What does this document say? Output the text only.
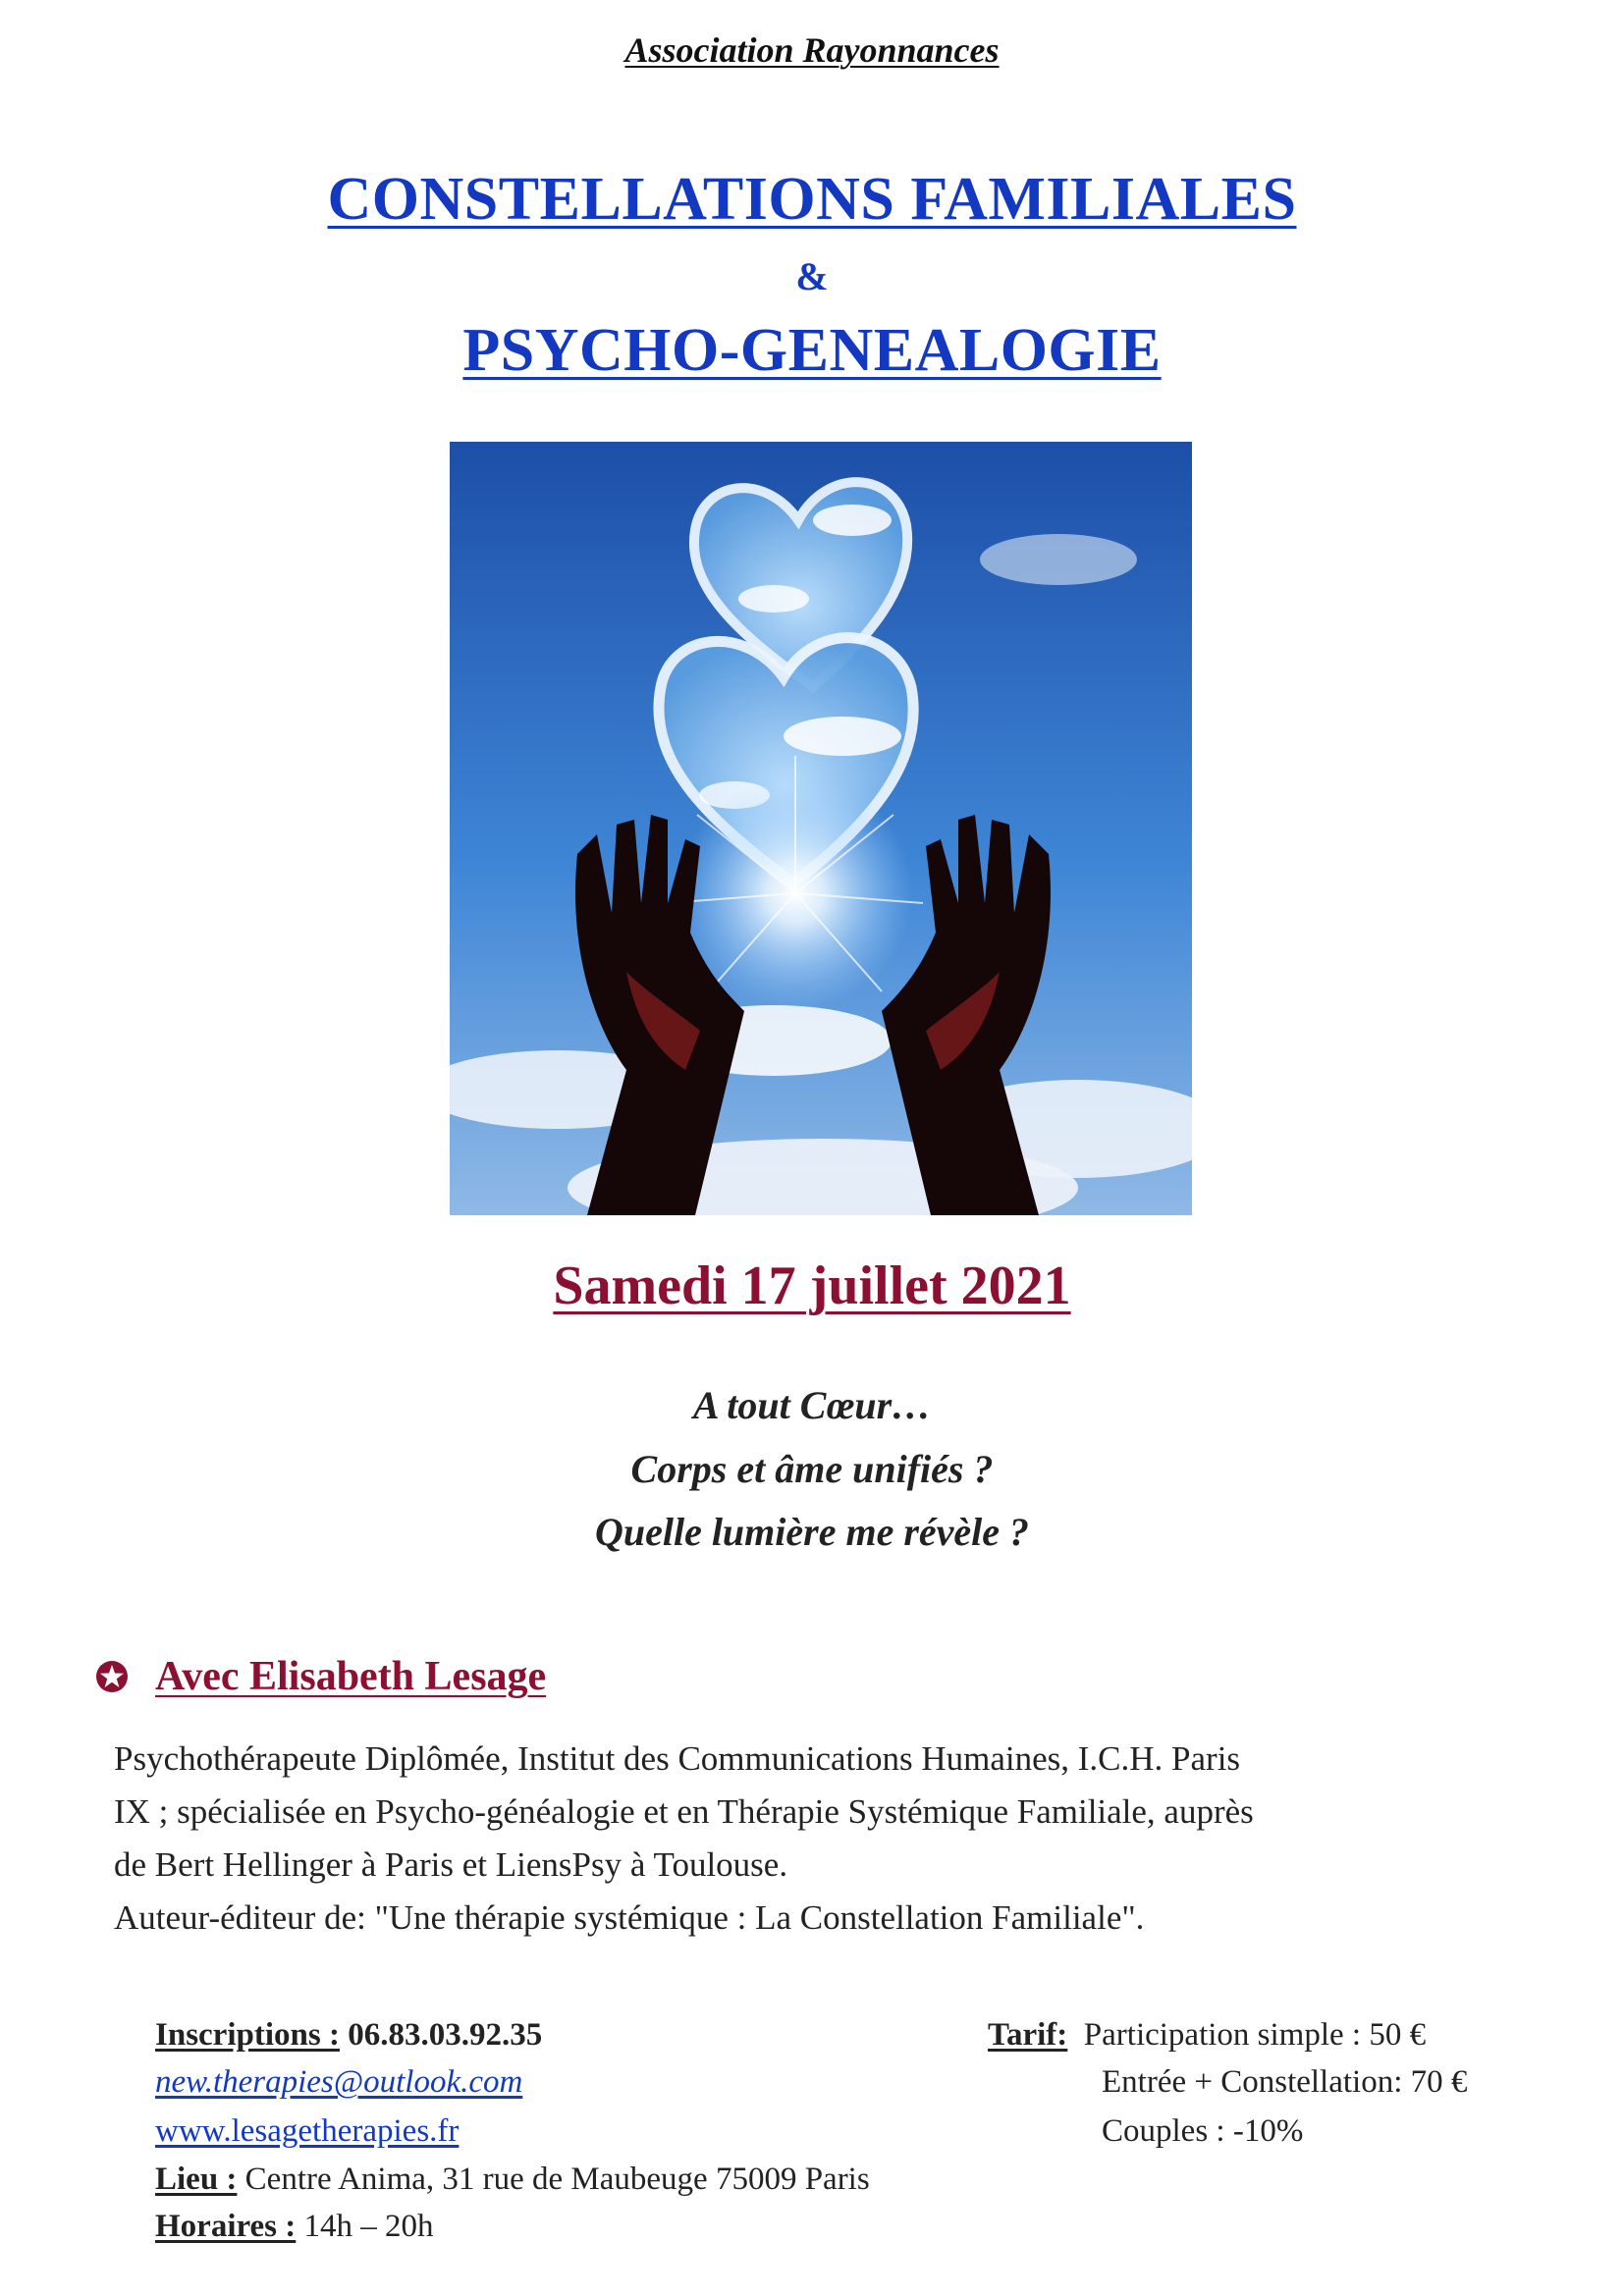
Association Rayonnances
CONSTELLATIONS FAMILIALES
&
PSYCHO-GENEALOGIE
Samedi 17 juillet 2021
A tout Cœur…
Corps et âme unifiés ?
Quelle lumière me révèle ?
Avec Elisabeth Lesage
Psychothérapeute Diplômée, Institut des Communications Humaines, I.C.H. Paris
IX ; spécialisée en Psycho-généalogie et en Thérapie Systémique Familiale, auprès
de Bert Hellinger à Paris et LiensPsy à Toulouse.
Auteur-éditeur de: "Une thérapie systémique : La Constellation Familiale".
Inscriptions : 06.83.03.92.35
new.therapies@outlook.com
www.lesagetherapies.fr
Lieu : Centre Anima, 31 rue de Maubeuge 75009 Paris
Horaires : 14h – 20h
Tarif: Participation simple : 50 €
Entrée + Constellation: 70 €
Couples : -10%
